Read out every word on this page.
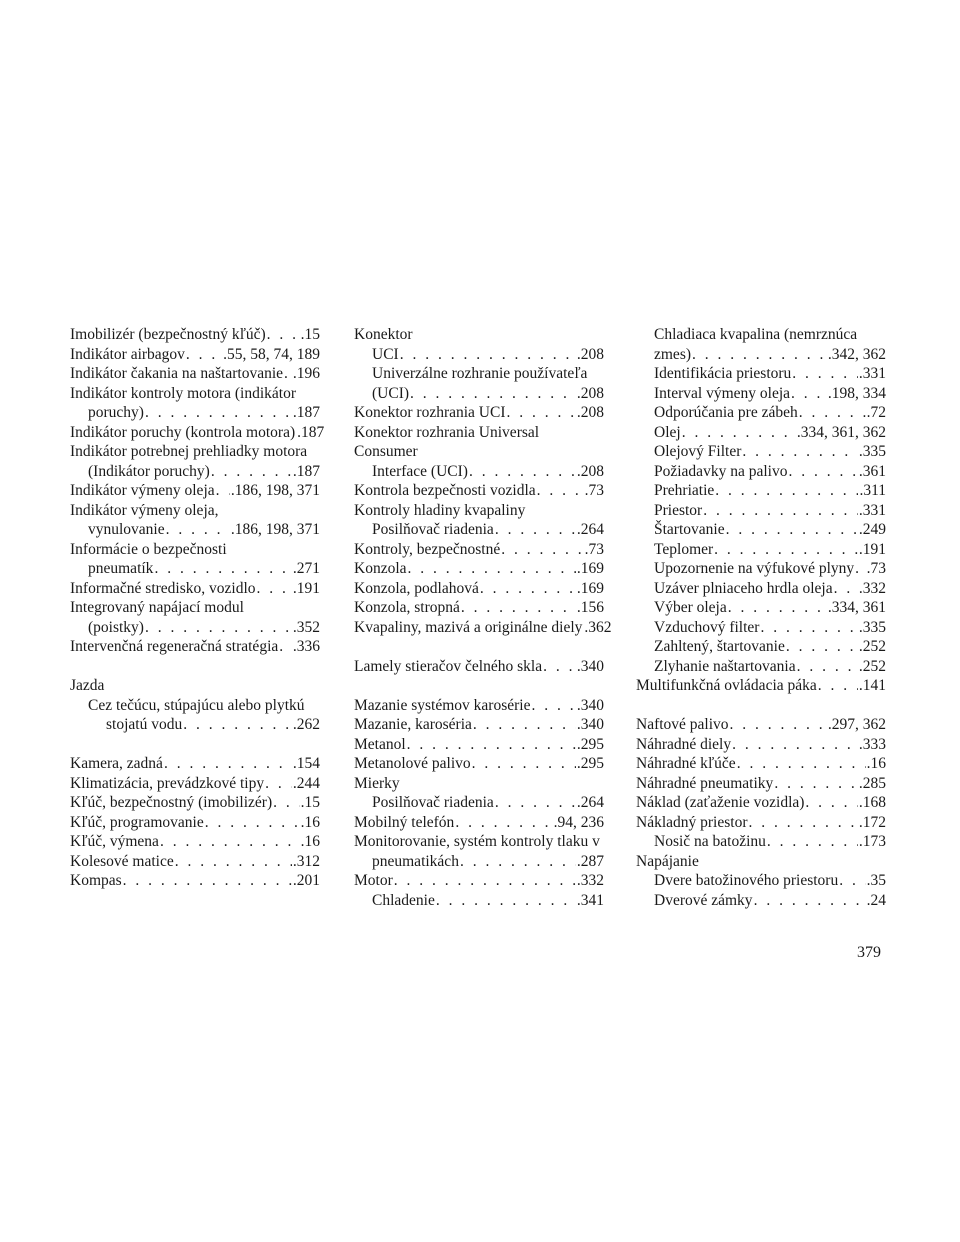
Imobilizér (bezpečnostný kľúč) . . . .15
Indikátor airbagov . . . .55, 58, 74, 189
Indikátor čakania na naštartovanie . . . .196
Indikátor kontroly motora (indikátor
poruchy) . . .	.187
Indikátor poruchy (kontrola motora) .187
Indikátor potrebnej prehliadky motora
(Indikátor poruchy) . . .	.187
Indikátor výmeny oleja . . . .186, 198, 371
Indikátor výmeny oleja,
vynulovanie . . .	.186, 198, 371
Informácie o bezpečnosti
pneumatík . . .	.271
Informačné stredisko, vozidlo . . . .191
Integrovaný napájací modul
(poistky) . . .	.352
Intervenčná regeneračná stratégia . . . .336
Jazda
Cez tečúcu, stúpajúcu alebo plytkú
stojatú vodu . . .	.262
Kamera, zadná . . .	.154
Klimatizácia, prevádzkové tipy . . . .244
Kľúč, bezpečnostný (imobilizér) . . . .15
Kľúč, programovanie . . .	.16
Kľúč, výmena . . .	.16
Kolesové matice . . .	.312
Kompas . . .	.201
Konektor
UCI . . .	.208
Univerzálne rozhranie používateľa
(UCI) . . .	.208
Konektor rozhrania UCI . . .	.208
Konektor rozhrania Universal Consumer
Interface (UCI) . . .	.208
Kontrola bezpečnosti vozidla . . .	.73
Kontroly hladiny kvapaliny
Posilňovač riadenia . . .	.264
Kontroly, bezpečnostné . . .	.73
Konzola . . .	.169
Konzola, podlahová . . .	.169
Konzola, stropná . . .	.156
Kvapaliny, mazivá a originálne diely .362
Lamely stieračov čelného skla . . . .340
Mazanie systémov karosérie . . .	.340
Mazanie, karoséria . . .	.340
Metanol . . .	.295
Metanolové palivo . . .	.295
Mierky
Posilňovač riadenia . . .	.264
Mobilný telefón . . .	.94, 236
Monitorovanie, systém kontroly tlaku v
pneumatikách . . .	.287
Motor . . .	.332
Chladenie . . .	.341
Chladiaca kvapalina (nemrznúca
zmes) . . .	.342, 362
Identifikácia priestoru . . .	.331
Interval výmeny oleja . . . .198, 334
Odporúčania pre zábeh . . .	.72
Olej . . .	.334, 361, 362
Olejový Filter . . .	.335
Požiadavky na palivo . . .	.361
Prehriatie . . .	.311
Priestor . . .	.331
Štartovanie . . .	.249
Teplomer . . .	.191
Upozornenie na výfukové plyny . . . .73
Uzáver plniaceho hrdla oleja . . . .332
Výber oleja . . .	.334, 361
Vzduchový filter . . .	.335
Zahltený, štartovanie . . .	.252
Zlyhanie naštartovania . . .	.252
Multifunkčná ovládacia páka . . .	.141
Naftové palivo . . .	.297, 362
Náhradné diely . . .	.333
Náhradné kľúče . . .	.16
Náhradné pneumatiky . . .	.285
Náklad (zaťaženie vozidla) . . .	.168
Nákladný priestor . . .	.172
Nosič na batožinu . . .	.173
Napájanie
Dvere batožinového priestoru . . . .35
Dverové zámky . . .	.24
379
